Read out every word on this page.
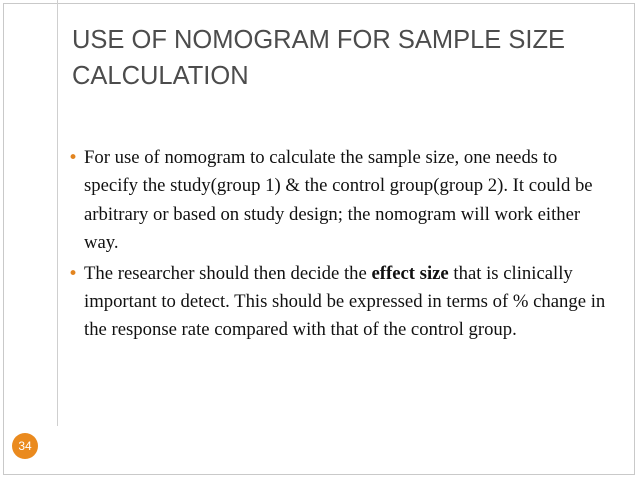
USE OF NOMOGRAM FOR SAMPLE SIZE CALCULATION
• For use of nomogram to calculate the sample size, one needs to specify the study(group 1) & the control group(group 2). It could be arbitrary or based on study design; the nomogram will work either way.
• The researcher should then decide the effect size that is clinically important to detect. This should be expressed in terms of % change in the response rate compared with that of the control group.
34
